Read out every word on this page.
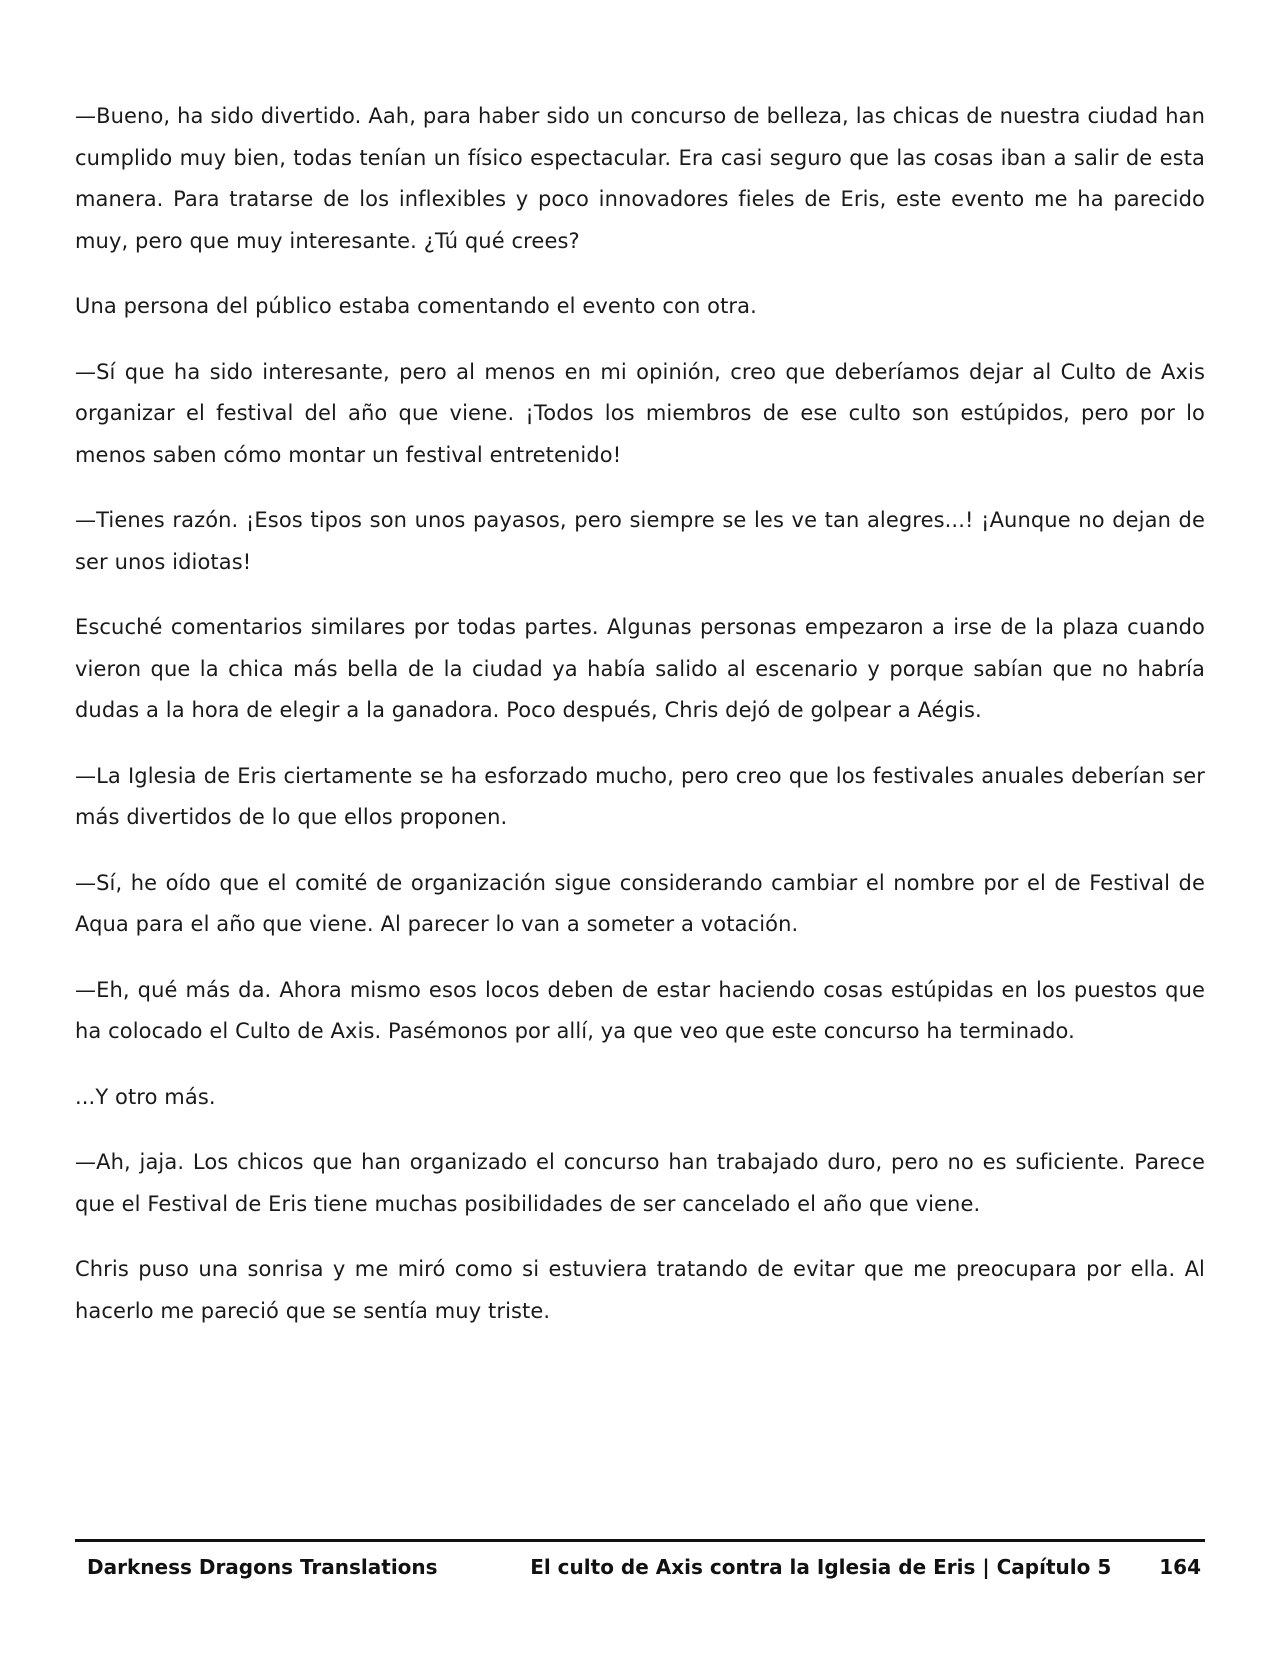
—Bueno, ha sido divertido. Aah, para haber sido un concurso de belleza, las chicas de nuestra ciudad han cumplido muy bien, todas tenían un físico espectacular. Era casi seguro que las cosas iban a salir de esta manera. Para tratarse de los inflexibles y poco innovadores fieles de Eris, este evento me ha parecido muy, pero que muy interesante. ¿Tú qué crees?

Una persona del público estaba comentando el evento con otra.

—Sí que ha sido interesante, pero al menos en mi opinión, creo que deberíamos dejar al Culto de Axis organizar el festival del año que viene. ¡Todos los miembros de ese culto son estúpidos, pero por lo menos saben cómo montar un festival entretenido!

—Tienes razón. ¡Esos tipos son unos payasos, pero siempre se les ve tan alegres...! ¡Aunque no dejan de ser unos idiotas!

Escuché comentarios similares por todas partes. Algunas personas empezaron a irse de la plaza cuando vieron que la chica más bella de la ciudad ya había salido al escenario y porque sabían que no habría dudas a la hora de elegir a la ganadora. Poco después, Chris dejó de golpear a Aégis.

—La Iglesia de Eris ciertamente se ha esforzado mucho, pero creo que los festivales anuales deberían ser más divertidos de lo que ellos proponen.

—Sí, he oído que el comité de organización sigue considerando cambiar el nombre por el de Festival de Aqua para el año que viene. Al parecer lo van a someter a votación.

—Eh, qué más da. Ahora mismo esos locos deben de estar haciendo cosas estúpidas en los puestos que ha colocado el Culto de Axis. Pasémonos por allí, ya que veo que este concurso ha terminado.

...Y otro más.

—Ah, jaja. Los chicos que han organizado el concurso han trabajado duro, pero no es suficiente. Parece que el Festival de Eris tiene muchas posibilidades de ser cancelado el año que viene.

Chris puso una sonrisa y me miró como si estuviera tratando de evitar que me preocupara por ella. Al hacerlo me pareció que se sentía muy triste.

Darkness Dragons Translations	El culto de Axis contra la Iglesia de Eris | Capítulo 5 164
